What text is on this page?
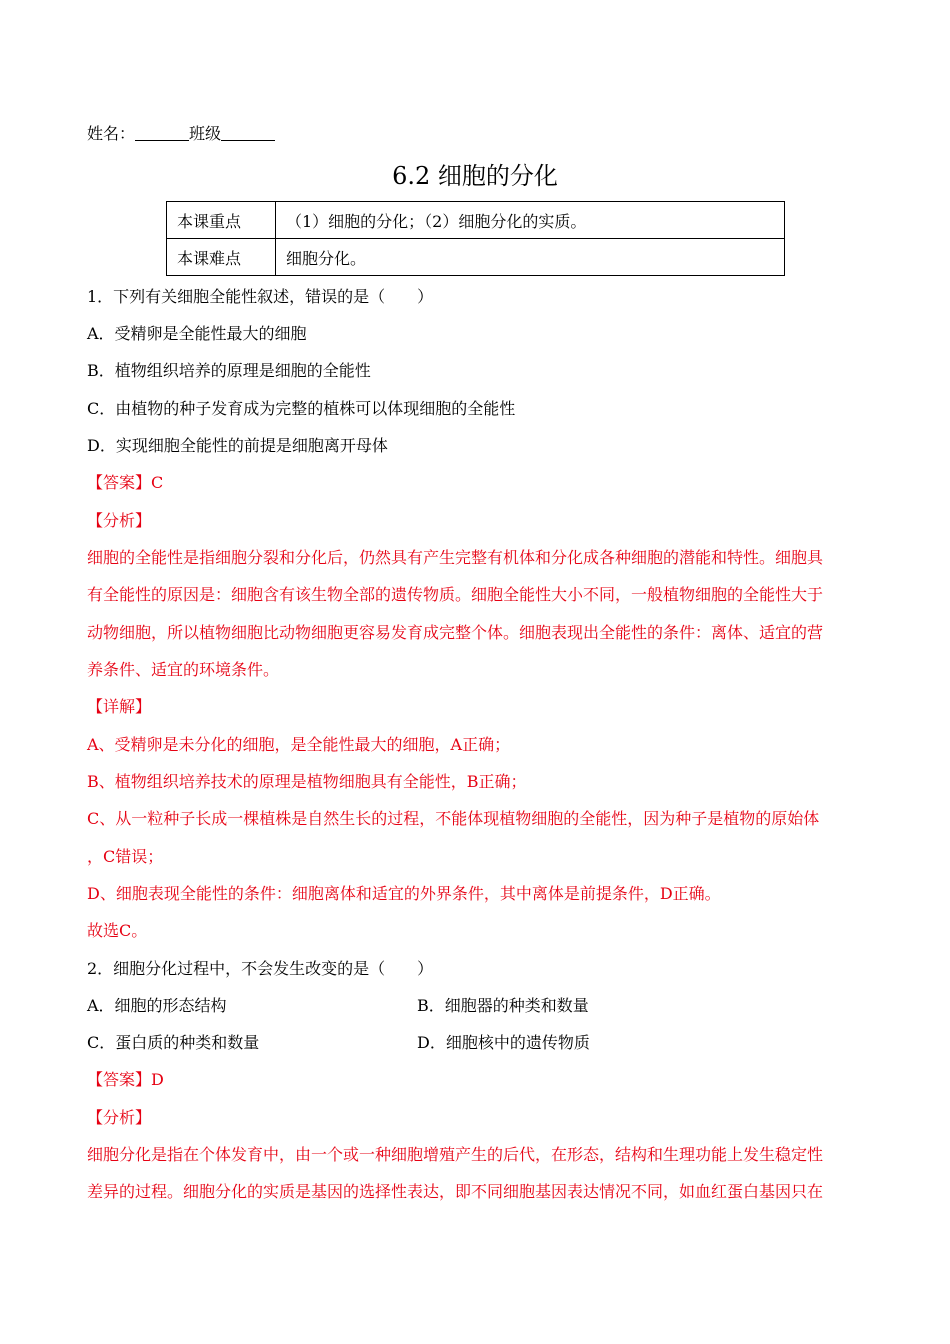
姓名：	班级
6.2 细胞的分化
本课重点	（1）细胞的分化；（2）细胞分化的实质。
本课难点	细胞分化。
1．下列有关细胞全能性叙述，错误的是（　　）
A．受精卵是全能性最大的细胞
B．植物组织培养的原理是细胞的全能性
C．由植物的种子发育成为完整的植株可以体现细胞的全能性
D．实现细胞全能性的前提是细胞离开母体
【答案】C
【分析】
细胞的全能性是指细胞分裂和分化后，仍然具有产生完整有机体和分化成各种细胞的潜能和特性。细胞具
有全能性的原因是：细胞含有该生物全部的遗传物质。细胞全能性大小不同，一般植物细胞的全能性大于
动物细胞，所以植物细胞比动物细胞更容易发育成完整个体。细胞表现出全能性的条件：离体、适宜的营
养条件、适宜的环境条件。
【详解】
A、受精卵是未分化的细胞，是全能性最大的细胞，A正确；
B、植物组织培养技术的原理是植物细胞具有全能性，B正确；
C、从一粒种子长成一棵植株是自然生长的过程，不能体现植物细胞的全能性，因为种子是植物的原始体
，C错误；
D、细胞表现全能性的条件：细胞离体和适宜的外界条件，其中离体是前提条件，D正确。
故选C。
2．细胞分化过程中，不会发生改变的是（　　）
A．细胞的形态结构	B．细胞器的种类和数量
C．蛋白质的种类和数量	D．细胞核中的遗传物质
【答案】D
【分析】
细胞分化是指在个体发育中，由一个或一种细胞增殖产生的后代，在形态，结构和生理功能上发生稳定性
差异的过程。细胞分化的实质是基因的选择性表达，即不同细胞基因表达情况不同，如血红蛋白基因只在
